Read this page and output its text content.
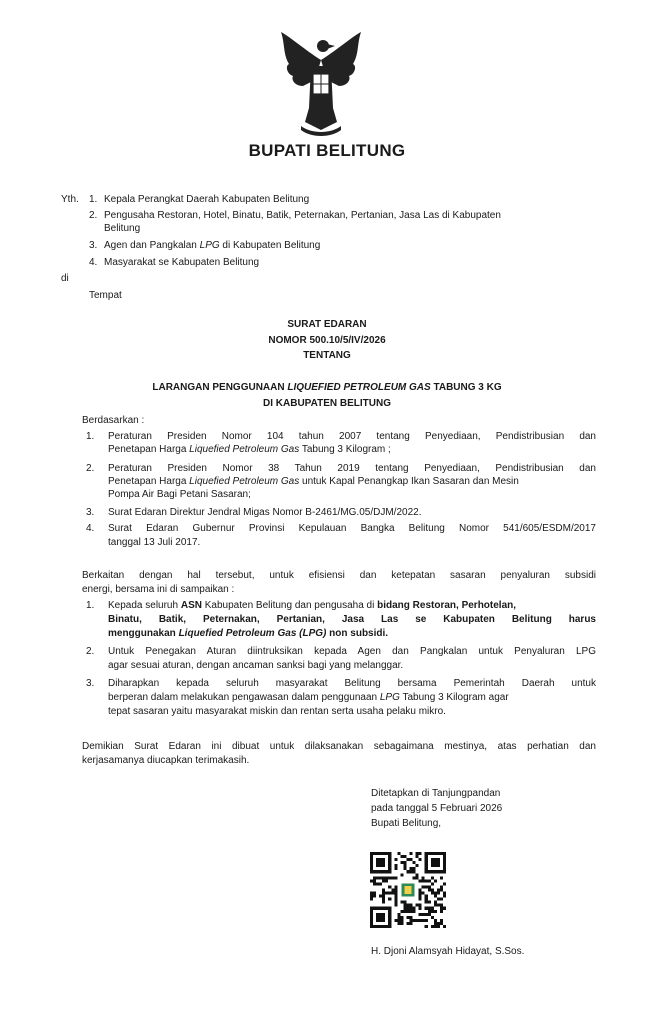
BUPATI BELITUNG
Yth. 1. Kepala Perangkat Daerah Kabupaten Belitung
2. Pengusaha Restoran, Hotel, Binatu, Batik, Peternakan, Pertanian, Jasa Las di Kabupaten
Belitung
3. Agen dan Pangkalan LPG di Kabupaten Belitung
4. Masyarakat se Kabupaten Belitung
di
Tempat
SURAT EDARAN
NOMOR 500.10/5/IV/2026
TENTANG
LARANGAN PENGGUNAAN LIQUEFIED PETROLEUM GAS TABUNG 3 KG
DI KABUPATEN BELITUNG
Berdasarkan :
1. Peraturan Presiden Nomor 104 tahun 2007 tentang Penyediaan, Pendistribusian dan
Penetapan Harga Liquefied Petroleum Gas Tabung 3 Kilogram ;
2. Peraturan Presiden Nomor 38 Tahun 2019 tentang Penyediaan, Pendistribusian dan
Penetapan Harga Liquefied Petroleum Gas untuk Kapal Penangkap Ikan Sasaran dan Mesin
Pompa Air Bagi Petani Sasaran;
3. Surat Edaran Direktur Jendral Migas Nomor B-2461/MG.05/DJM/2022.
4. Surat Edaran Gubernur Provinsi Kepulauan Bangka Belitung Nomor 541/605/ESDM/2017
tanggal 13 Juli 2017.
Berkaitan dengan hal tersebut, untuk efisiensi dan ketepatan sasaran penyaluran subsidi
energi, bersama ini di sampaikan :
1. Kepada seluruh ASN Kabupaten Belitung dan pengusaha di bidang Restoran, Perhotelan,
Binatu, Batik, Peternakan, Pertanian, Jasa Las se Kabupaten Belitung harus
menggunakan Liquefied Petroleum Gas (LPG) non subsidi.
2. Untuk Penegakan Aturan diintruksikan kepada Agen dan Pangkalan untuk Penyaluran LPG
agar sesuai aturan, dengan ancaman sanksi bagi yang melanggar.
3. Diharapkan kepada seluruh masyarakat Belitung bersama Pemerintah Daerah untuk
berperan dalam melakukan pengawasan dalam penggunaan LPG Tabung 3 Kilogram agar
tepat sasaran yaitu masyarakat miskin dan rentan serta usaha pelaku mikro.
Demikian Surat Edaran ini dibuat untuk dilaksanakan sebagaimana mestinya, atas perhatian dan
kerjasamanya diucapkan terimakasih.
Ditetapkan di Tanjungpandan
pada tanggal 5 Februari 2026
Bupati Belitung,
H. Djoni Alamsyah Hidayat, S.Sos.
